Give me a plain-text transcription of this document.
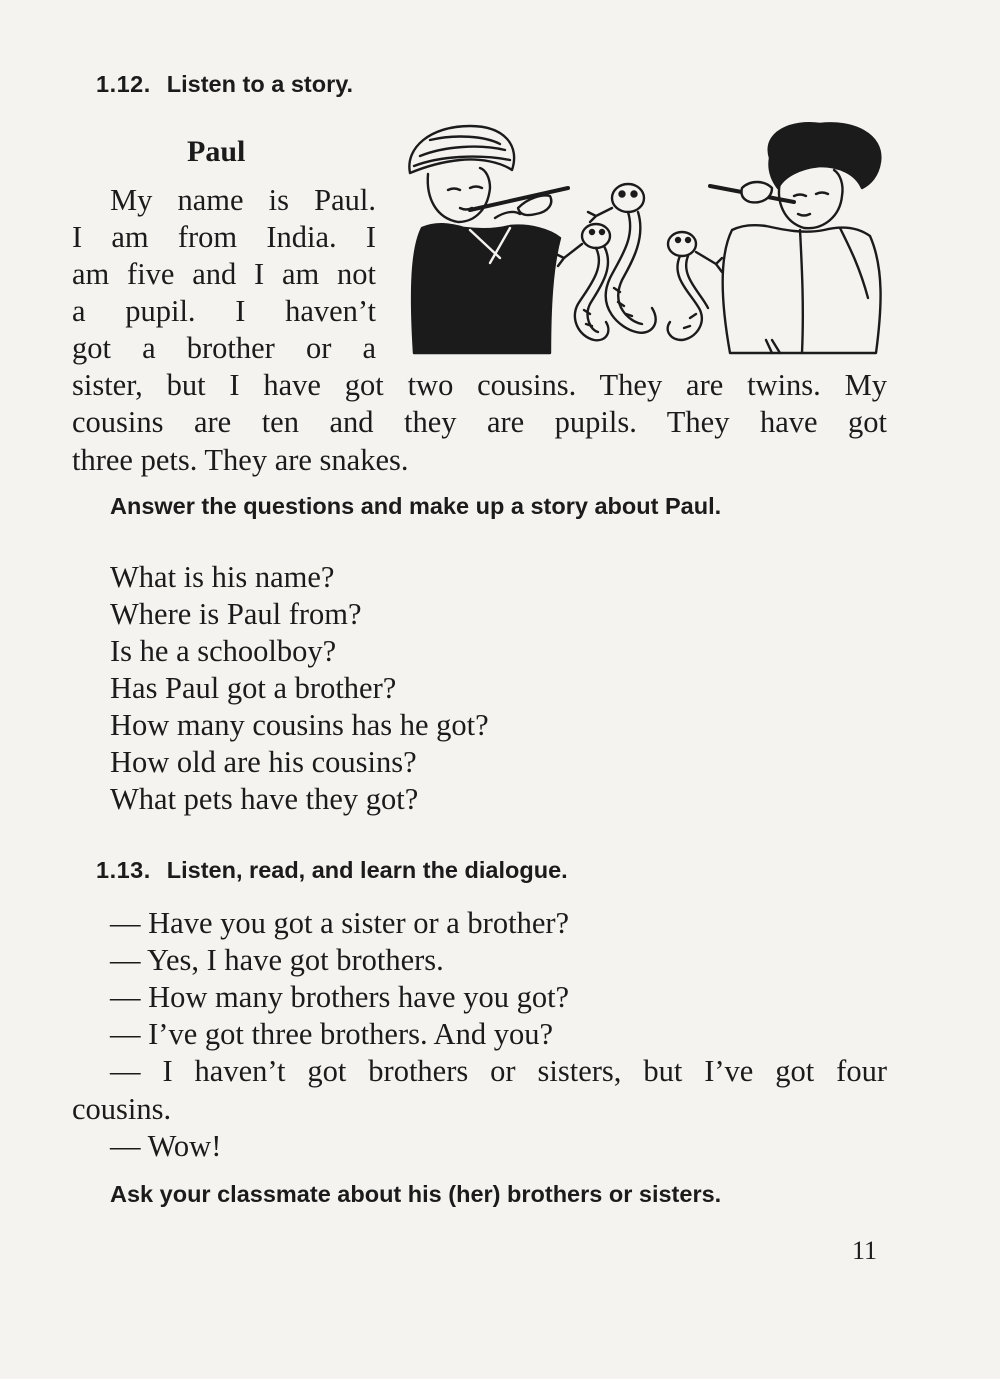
1.12. Listen to a story.
Paul
My name is Paul.
I am from India. I
am five and I am not
a pupil. I haven’t
got a brother or a
sister, but I have got two cousins. They are twins. My
cousins are ten and they are pupils. They have got
three pets. They are snakes.
Answer the questions and make up a story about Paul.
What is his name?
Where is Paul from?
Is he a schoolboy?
Has Paul got a brother?
How many cousins has he got?
How old are his cousins?
What pets have they got?
1.13. Listen, read, and learn the dialogue.
— Have you got a sister or a brother?
— Yes, I have got brothers.
— How many brothers have you got?
— I’ve got three brothers. And you?
— I haven’t got brothers or sisters, but I’ve got four
cousins.
— Wow!
Ask your classmate about his (her) brothers or sisters.
11
